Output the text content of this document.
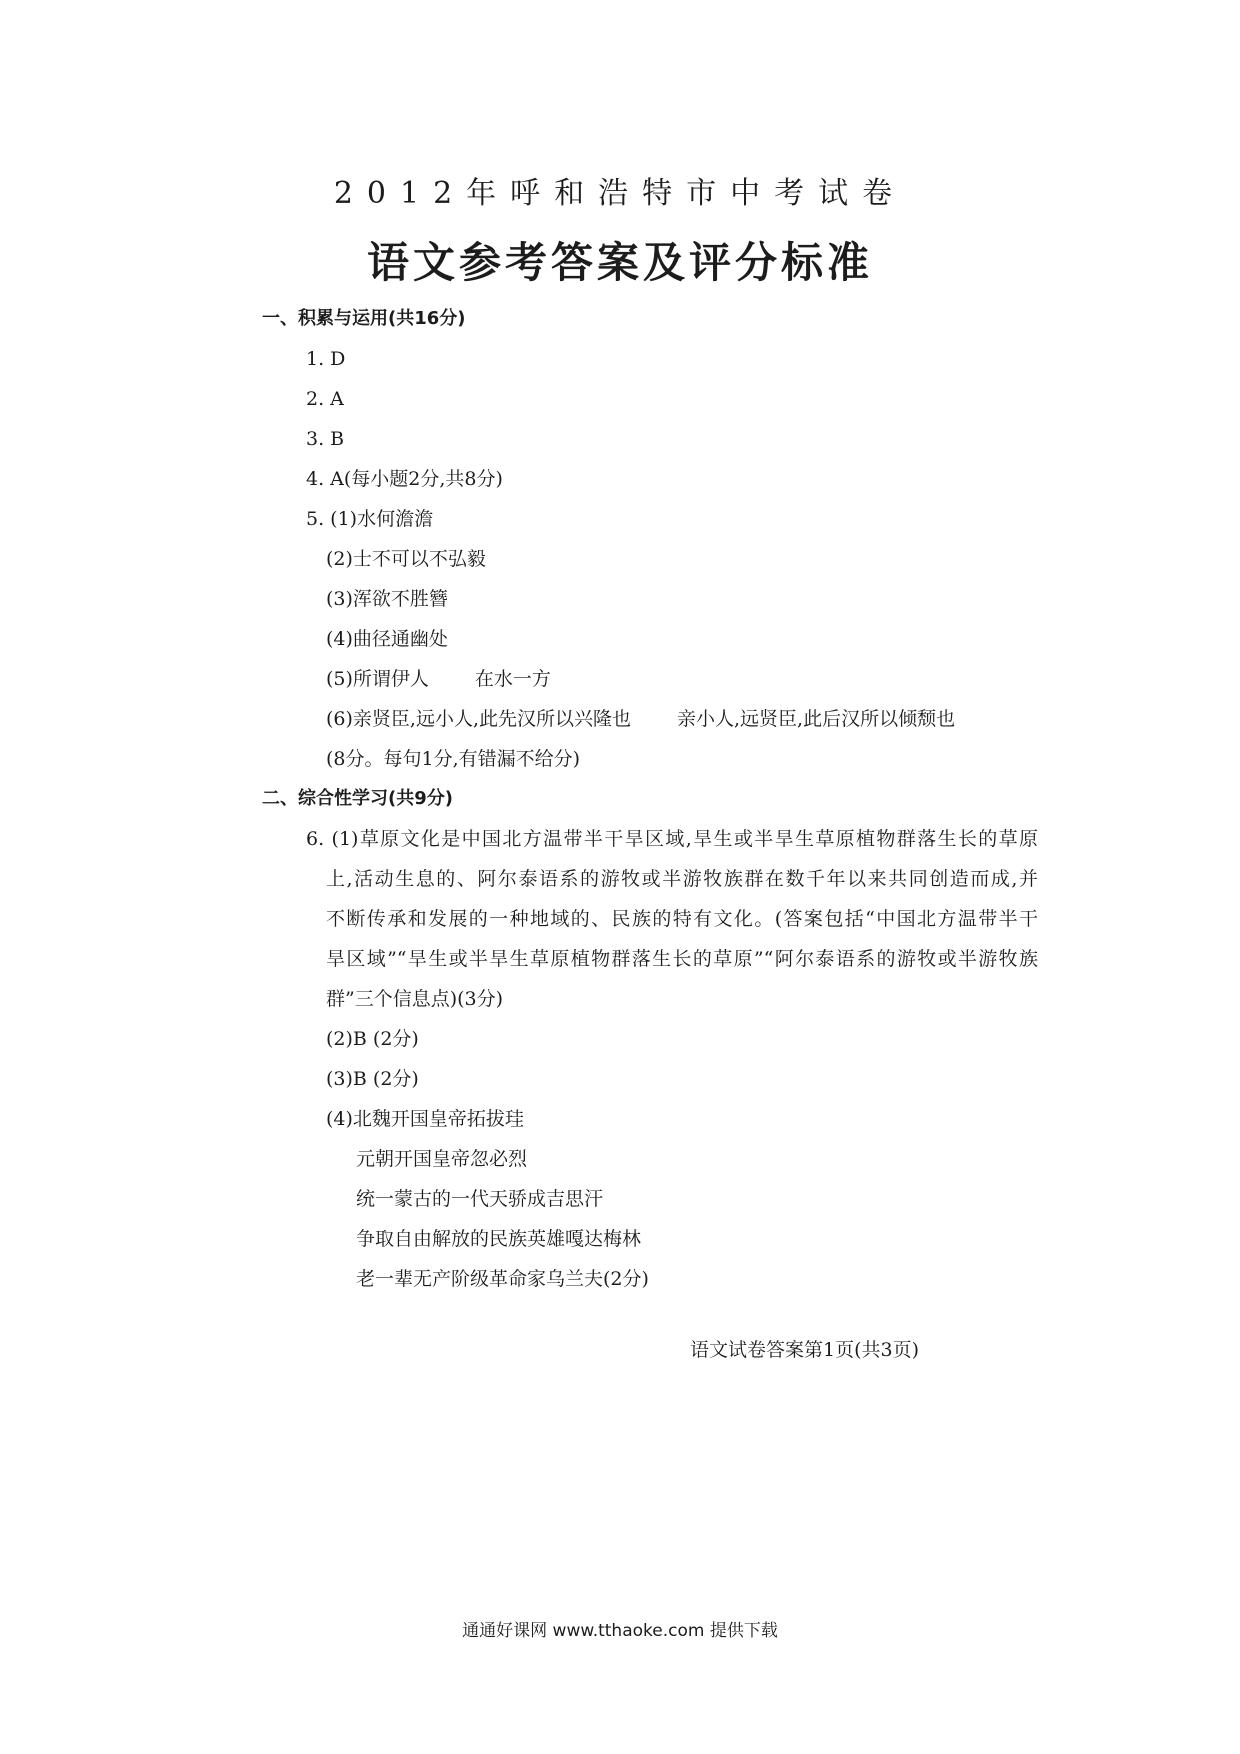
2012年呼和浩特市中考试卷
语文参考答案及评分标准
一、积累与运用(共16分)
1. D
2. A
3. B
4. A(每小题2分,共8分)
5. (1)水何澹澹
(2)士不可以不弘毅
(3)浑欲不胜簪
(4)曲径通幽处
(5)所谓伊人 在水一方
(6)亲贤臣,远小人,此先汉所以兴隆也 亲小人,远贤臣,此后汉所以倾颓也
(8分。每句1分,有错漏不给分)
二、综合性学习(共9分)
6. (1)草原文化是中国北方温带半干旱区域,旱生或半旱生草原植物群落生长的草原
上,活动生息的、阿尔泰语系的游牧或半游牧族群在数千年以来共同创造而成,并
不断传承和发展的一种地域的、民族的特有文化。(答案包括“中国北方温带半干
旱区域”“旱生或半旱生草原植物群落生长的草原”“阿尔泰语系的游牧或半游牧族
群”三个信息点)(3分)
(2)B (2分)
(3)B (2分)
(4)北魏开国皇帝拓拔珪
元朝开国皇帝忽必烈
统一蒙古的一代天骄成吉思汗
争取自由解放的民族英雄嘎达梅林
老一辈无产阶级革命家乌兰夫(2分)
语文试卷答案第1页(共3页)
通通好课网 www.tthaoke.com 提供下载
